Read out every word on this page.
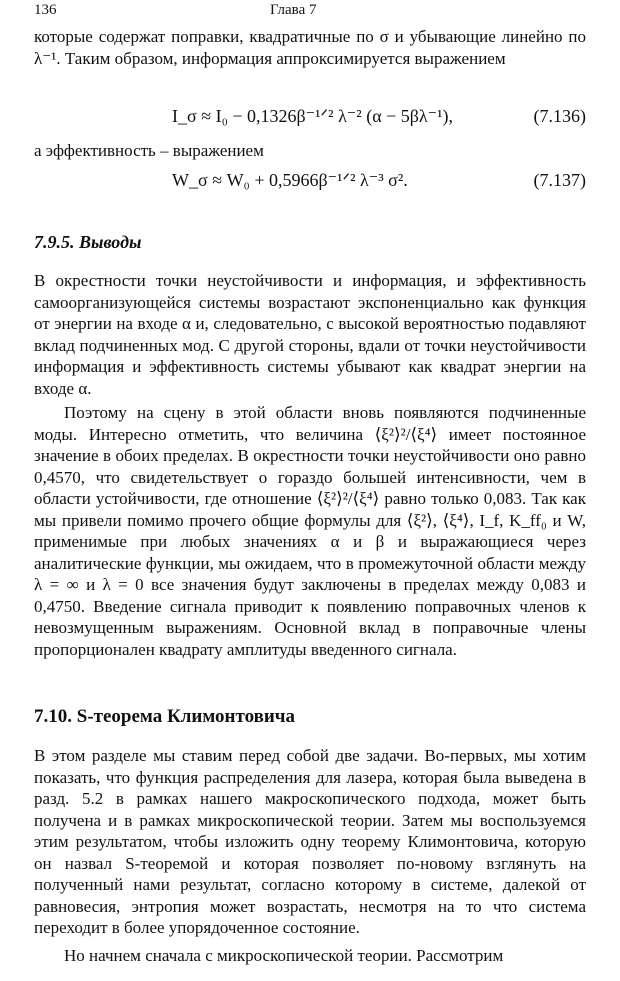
136	Глава 7

которые содержат поправки, квадратичные по σ и убывающие линейно по λ⁻¹. Таким образом, информация аппроксимируется выражением

I_σ ≈ I₀ − 0,1326β⁻¹ᐟ² λ⁻² (α − 5βλ⁻¹),	(7.136)

а эффективность – выражением

W_σ ≈ W₀ + 0,5966β⁻¹ᐟ² λ⁻³ σ².	(7.137)
7.9.5. Выводы

В окрестности точки неустойчивости и информация, и эффективность самоорганизующейся системы возрастают экспоненциально как функция от энергии на входе α и, следовательно, с высокой вероятностью подавляют вклад подчиненных мод. С другой стороны, вдали от точки неустойчивости информация и эффективность системы убывают как квадрат энергии на входе α.

Поэтому на сцену в этой области вновь появляются подчиненные моды. Интересно отметить, что величина ⟨ξ²⟩²/⟨ξ⁴⟩ имеет постоянное значение в обоих пределах. В окрестности точки неустойчивости оно равно 0,4570, что свидетельствует о гораздо большей интенсивности, чем в области устойчивости, где отношение ⟨ξ²⟩²/⟨ξ⁴⟩ равно только 0,083. Так как мы привели помимо прочего общие формулы для ⟨ξ²⟩, ⟨ξ⁴⟩, I_f, K_ff₀ и W, применимые при любых значениях α и β и выражающиеся через аналитические функции, мы ожидаем, что в промежуточной области между λ = ∞ и λ = 0 все значения будут заключены в пределах между 0,083 и 0,4750. Введение сигнала приводит к появлению поправочных членов к невозмущенным выражениям. Основной вклад в поправочные члены пропорционален квадрату амплитуды введенного сигнала.

7.10. S-теорема Климонтовича

В этом разделе мы ставим перед собой две задачи. Во-первых, мы хотим показать, что функция распределения для лазера, которая была выведена в разд. 5.2 в рамках нашего макроскопического подхода, может быть получена и в рамках микроскопической теории. Затем мы воспользуемся этим результатом, чтобы изложить одну теорему Климонтовича, которую он назвал S-теоремой и которая позволяет по-новому взглянуть на полученный нами результат, согласно которому в системе, далекой от равновесия, энтропия может возрастать, несмотря на то что система переходит в более упорядоченное состояние.

Но начнем сначала с микроскопической теории. Рассмотрим
